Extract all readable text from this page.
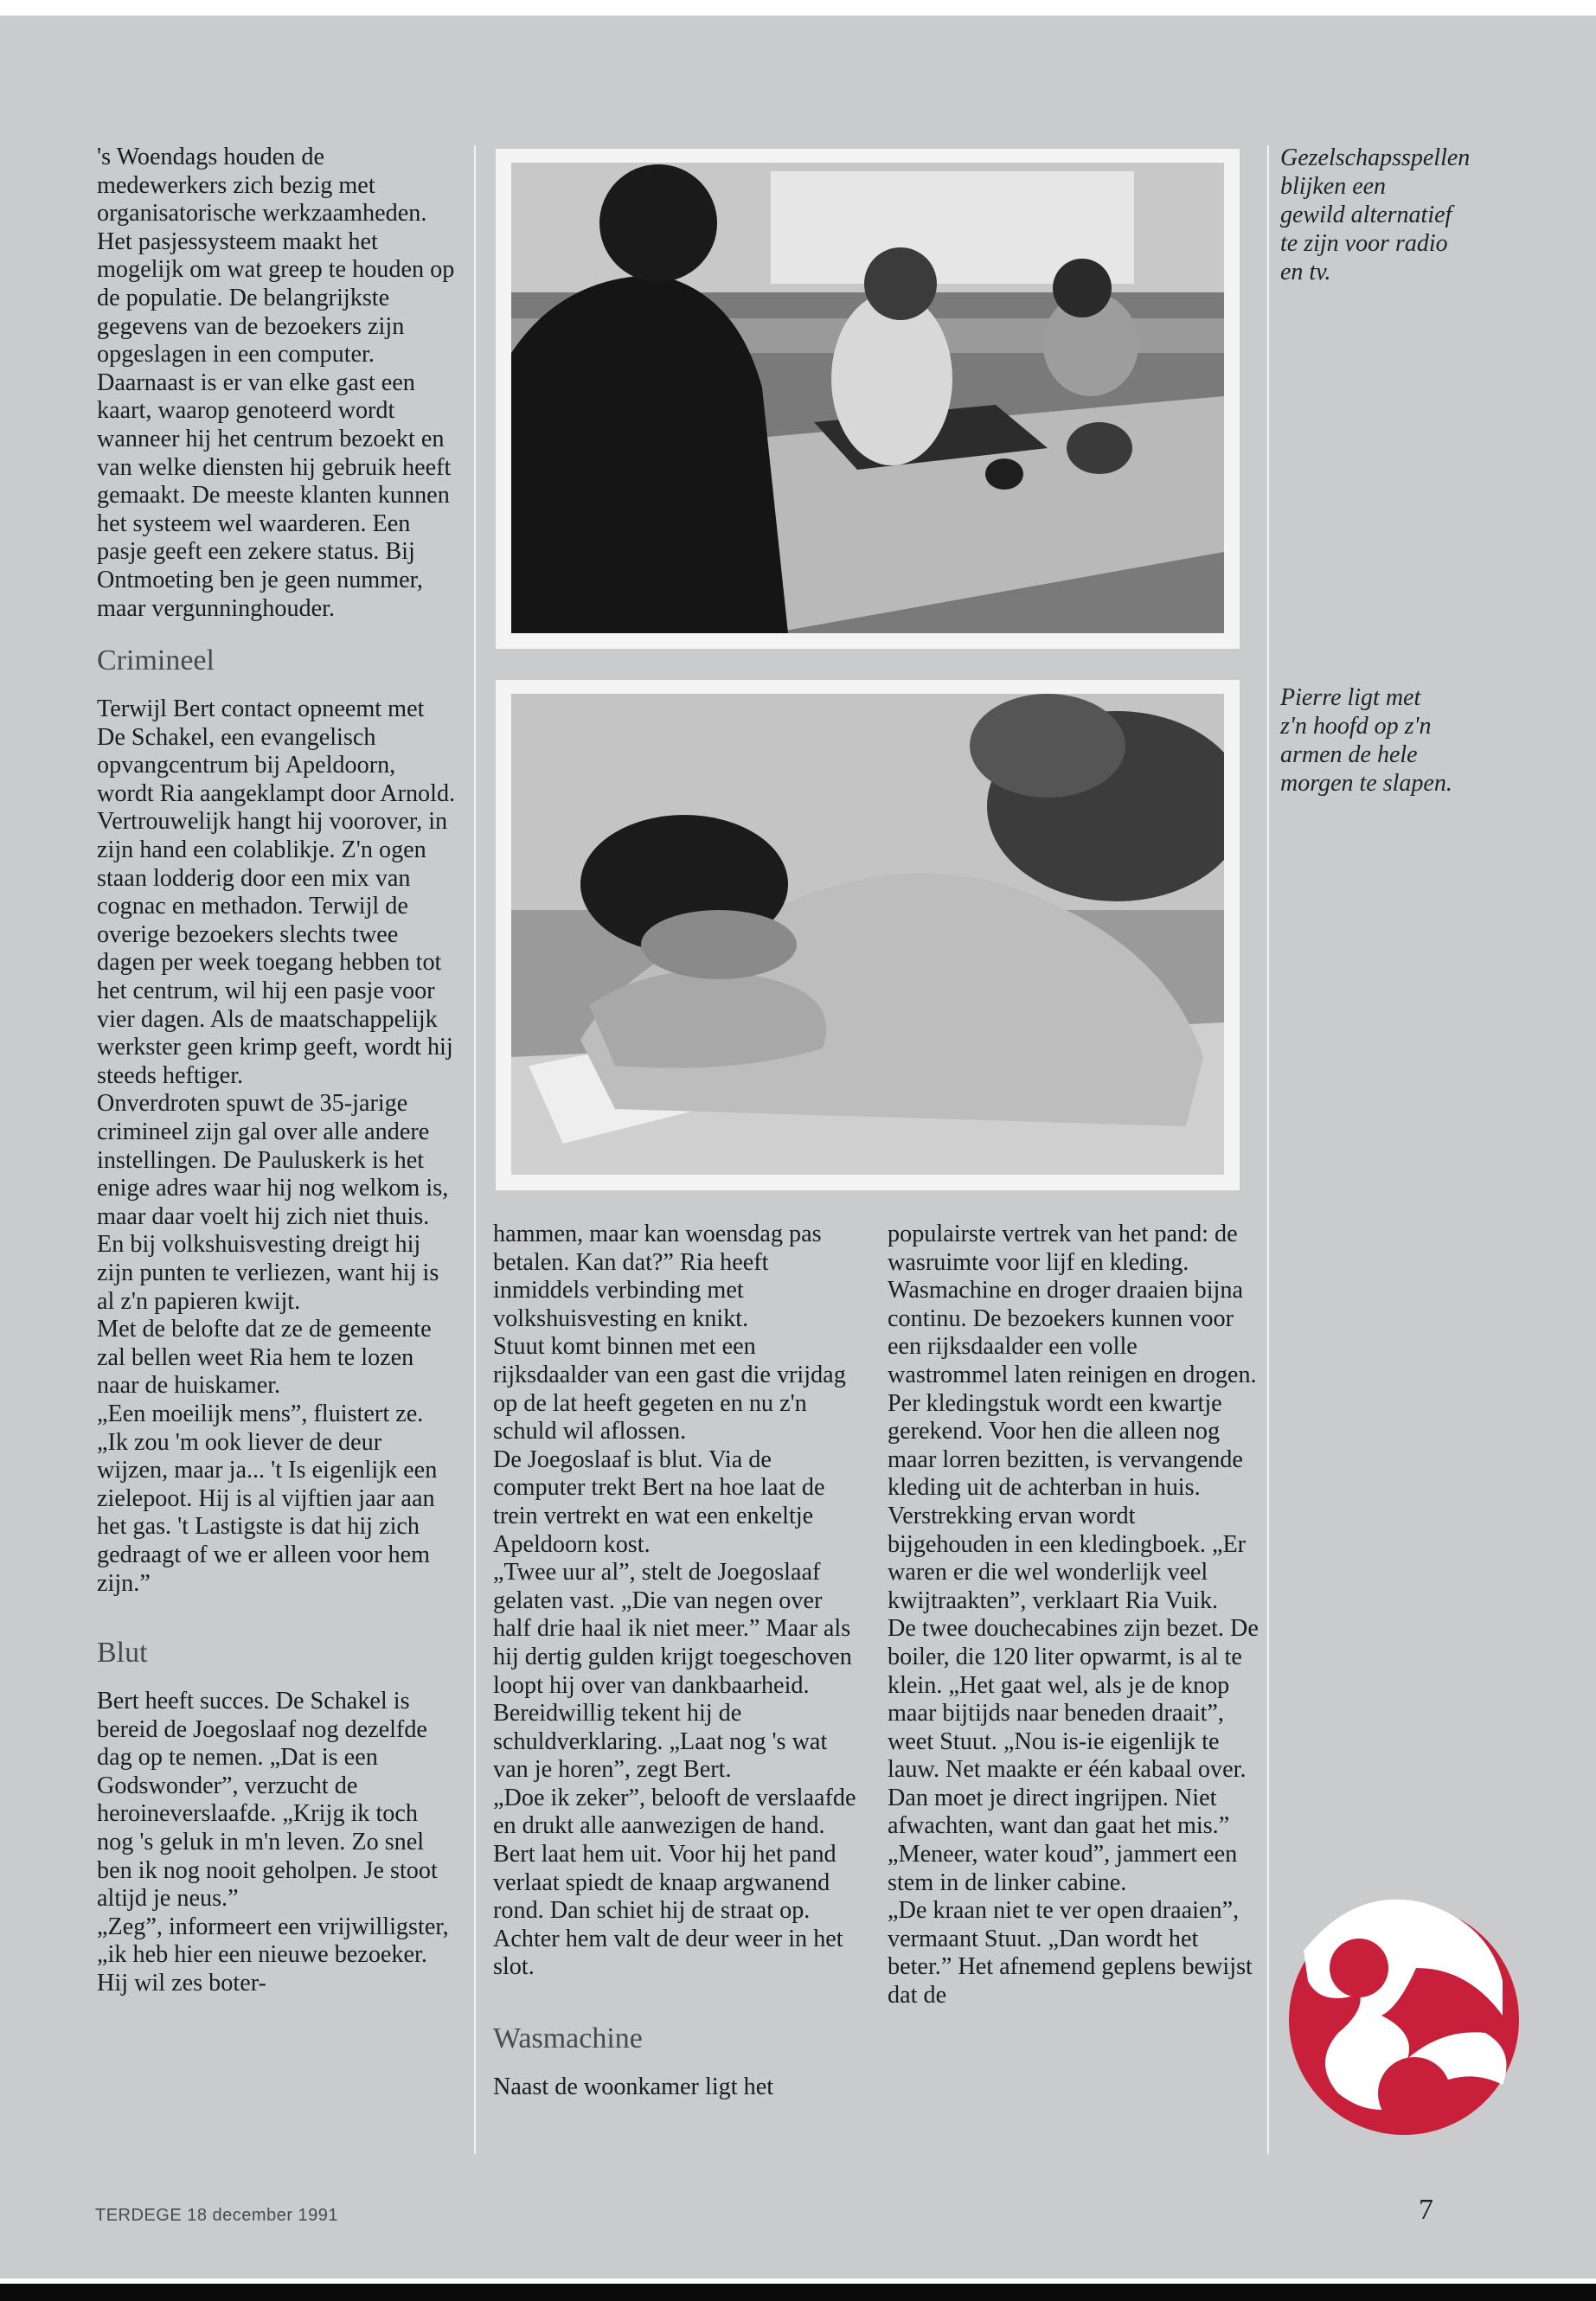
's Woendags houden de medewerkers zich bezig met organisatorische werkzaamheden. Het pasjessysteem maakt het mogelijk om wat greep te houden op de populatie. De belangrijkste gegevens van de bezoekers zijn opgeslagen in een computer. Daarnaast is er van elke gast een kaart, waarop genoteerd wordt wanneer hij het centrum bezoekt en van welke diensten hij gebruik heeft gemaakt. De meeste klanten kunnen het systeem wel waarderen. Een pasje geeft een zekere status. Bij Ontmoeting ben je geen nummer, maar vergunninghouder.

Crimineel

Terwijl Bert contact opneemt met De Schakel, een evangelisch opvangcentrum bij Apeldoorn, wordt Ria aangeklampt door Arnold. Vertrouwelijk hangt hij voorover, in zijn hand een colablikje. Z'n ogen staan lodderig door een mix van cognac en methadon. Terwijl de overige bezoekers slechts twee dagen per week toegang hebben tot het centrum, wil hij een pasje voor vier dagen. Als de maatschappelijk werkster geen krimp geeft, wordt hij steeds heftiger.

Onverdroten spuwt de 35-jarige crimineel zijn gal over alle andere instellingen. De Pauluskerk is het enige adres waar hij nog welkom is, maar daar voelt hij zich niet thuis. En bij volkshuisvesting dreigt hij zijn punten te verliezen, want hij is al z'n papieren kwijt.

Met de belofte dat ze de gemeente zal bellen weet Ria hem te lozen naar de huiskamer.

„Een moeilijk mens”, fluistert ze. „Ik zou 'm ook liever de deur wijzen, maar ja... 't Is eigenlijk een zielepoot. Hij is al vijftien jaar aan het gas. 't Lastigste is dat hij zich gedraagt of we er alleen voor hem zijn.”

Blut

Bert heeft succes. De Schakel is bereid de Joegoslaaf nog dezelfde dag op te nemen. „Dat is een Godswonder”, verzucht de heroineverslaafde. „Krijg ik toch nog 's geluk in m'n leven. Zo snel ben ik nog nooit geholpen. Je stoot altijd je neus.”

„Zeg”, informeert een vrijwilligster, „ik heb hier een nieuwe bezoeker. Hij wil zes boter-

Gezelschapsspellen blijken een gewild alternatief te zijn voor radio en tv.
Pierre ligt met z'n hoofd op z'n armen de hele morgen te slapen.

hammen, maar kan woensdag pas betalen. Kan dat?” Ria heeft inmiddels verbinding met volkshuisvesting en knikt.

Stuut komt binnen met een rijksdaalder van een gast die vrijdag op de lat heeft gegeten en nu z'n schuld wil aflossen.

De Joegoslaaf is blut. Via de computer trekt Bert na hoe laat de trein vertrekt en wat een enkeltje Apeldoorn kost.

„Twee uur al”, stelt de Joegoslaaf gelaten vast. „Die van negen over half drie haal ik niet meer.” Maar als hij dertig gulden krijgt toegeschoven loopt hij over van dankbaarheid. Bereidwillig tekent hij de schuldverklaring. „Laat nog 's wat van je horen”, zegt Bert.

„Doe ik zeker”, belooft de verslaafde en drukt alle aanwezigen de hand. Bert laat hem uit. Voor hij het pand verlaat spiedt de knaap argwanend rond. Dan schiet hij de straat op. Achter hem valt de deur weer in het slot.

Wasmachine

Naast de woonkamer ligt het

populairste vertrek van het pand: de wasruimte voor lijf en kleding. Wasmachine en droger draaien bijna continu. De bezoekers kunnen voor een rijksdaalder een volle wastrommel laten reinigen en drogen. Per kledingstuk wordt een kwartje gerekend. Voor hen die alleen nog maar lorren bezitten, is vervangende kleding uit de achterban in huis. Verstrekking ervan wordt bijgehouden in een kledingboek. „Er waren er die wel wonderlijk veel kwijtraakten”, verklaart Ria Vuik.

De twee douchecabines zijn bezet. De boiler, die 120 liter opwarmt, is al te klein. „Het gaat wel, als je de knop maar bijtijds naar beneden draait”, weet Stuut. „Nou is-ie eigenlijk te lauw. Net maakte er één kabaal over. Dan moet je direct ingrijpen. Niet afwachten, want dan gaat het mis.”

„Meneer, water koud”, jammert een stem in de linker cabine.

„De kraan niet te ver open draaien”, vermaant Stuut. „Dan wordt het beter.” Het afnemend geplens bewijst dat de

TERDEGE 18 december 1991	7
